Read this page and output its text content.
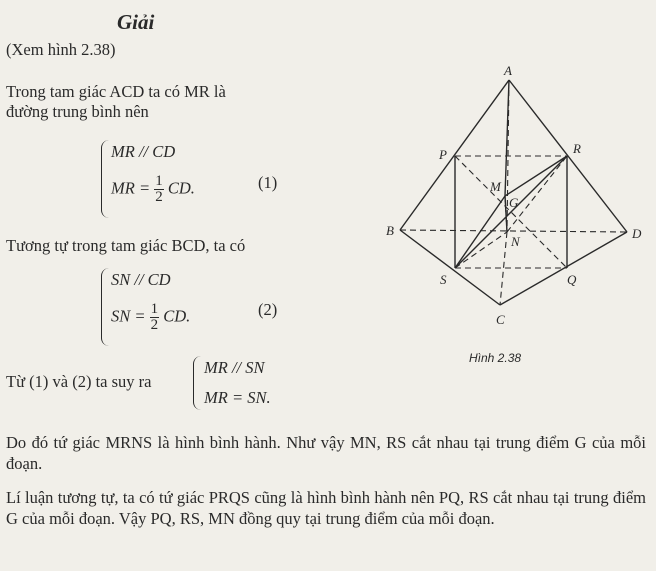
Giải
(Xem hình 2.38)
Trong tam giác ACD ta có MR là
đường trung bình nên
MR // CD
MR = $\frac{1}{2}$ CD.	(1)
Tương tự trong tam giác BCD, ta có
SN // CD
SN = $\frac{1}{2}$ CD.	(2)
Từ (1) và (2) ta suy ra
MR // SN
MR = SN.
Do đó tứ giác MRNS là hình bình hành. Như vậy MN, RS cắt nhau tại trung điểm G của mỗi đoạn.
Lí luận tương tự, ta có tứ giác PRQS cũng là hình bình hành nên PQ, RS cắt nhau tại trung điểm G của mỗi đoạn. Vậy PQ, RS, MN đồng quy tại trung điểm của mỗi đoạn.
A
B
C
D
P	R
M
G
N
S	Q
Hình 2.38
